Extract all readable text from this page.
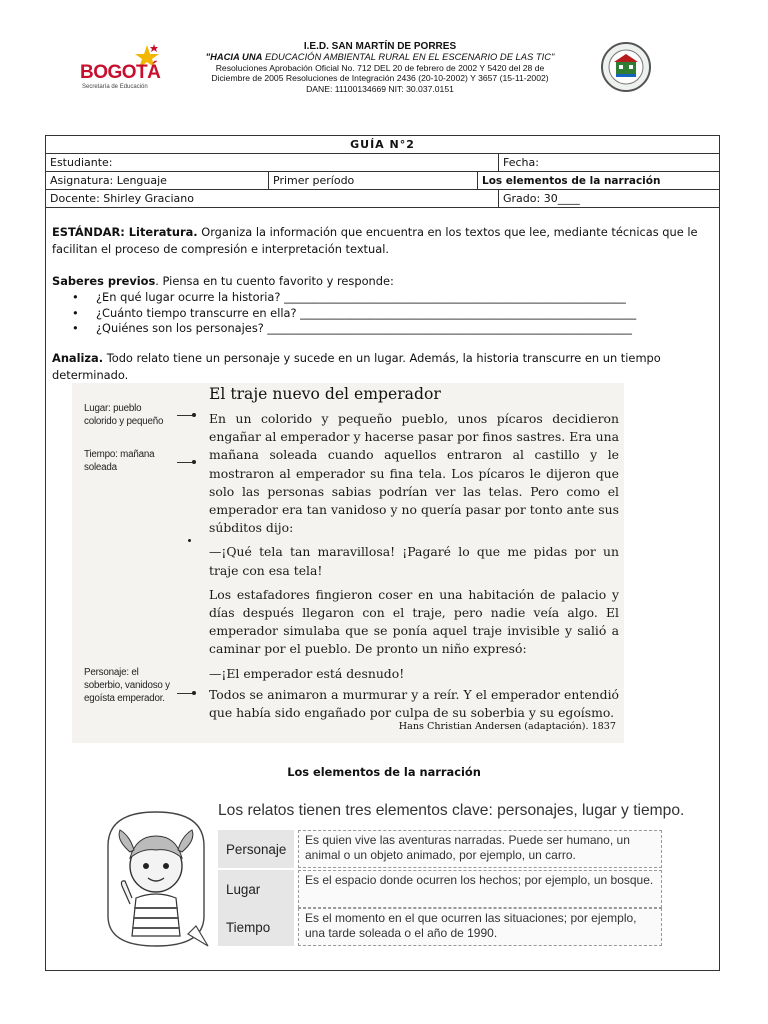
BOGOTÁ
Secretaría de Educación
I.E.D. SAN MARTÍN DE PORRES
"HACIA UNA EDUCACIÓN AMBIENTAL RURAL EN EL ESCENARIO DE LAS TIC"
Resoluciones Aprobación Oficial No. 712 DEL 20 de febrero de 2002 Y 5420 del 28 de
Diciembre de 2005 Resoluciones de Integración 2436 (20-10-2002) Y 3657 (15-11-2002)
DANE: 11100134669 NIT: 30.037.0151
GUÍA N°2			
Estudiante:			Fecha:
Asignatura: Lenguaje	Primer período	Los elementos de la narración	
Docente: Shirley Graciano			Grado: 30____
ESTÁNDAR: Literatura. Organiza la información que encuentra en los textos que lee, mediante técnicas que le facilitan el proceso de compresión e interpretación textual.
Saberes previos. Piensa en tu cuento favorito y responde:
• ¿En qué lugar ocurre la historia? ____________________________________________________________
• ¿Cuánto tiempo transcurre en ella? ___________________________________________________________
• ¿Quiénes son los personajes? ________________________________________________________________
Analiza. Todo relato tiene un personaje y sucede en un lugar. Además, la historia transcurre en un tiempo determinado.
El traje nuevo del emperador

En un colorido y pequeño pueblo, unos pícaros decidieron engañar al emperador y hacerse pasar por finos sastres. Era una mañana soleada cuando aquellos entraron al castillo y le mostraron al emperador su fina tela. Los pícaros le dijeron que solo las personas sabias podrían ver las telas. Pero como el emperador era tan vanidoso y no quería pasar por tonto ante sus súbditos dijo:

—¡Qué tela tan maravillosa! ¡Pagaré lo que me pidas por un traje con esa tela!

Los estafadores fingieron coser en una habitación de palacio y días después llegaron con el traje, pero nadie veía algo. El emperador simulaba que se ponía aquel traje invisible y salió a caminar por el pueblo. De pronto un niño expresó:

—¡El emperador está desnudo!

Todos se animaron a murmurar y a reír. Y el emperador entendió que había sido engañado por culpa de su soberbia y su egoísmo.

Hans Christian Andersen (adaptación). 1837
Lugar: pueblo colorido y pequeño
Tiempo: mañana soleada
Personaje: el soberbio, vanidoso y egoísta emperador.
Los elementos de la narración
Los relatos tienen tres elementos clave: personajes, lugar y tiempo.
Personaje
Es quien vive las aventuras narradas. Puede ser humano, un animal o un objeto animado, por ejemplo, un carro.
Lugar
Es el espacio donde ocurren los hechos; por ejemplo, un bosque.
Tiempo
Es el momento en el que ocurren las situaciones; por ejemplo, una tarde soleada o el año de 1990.
